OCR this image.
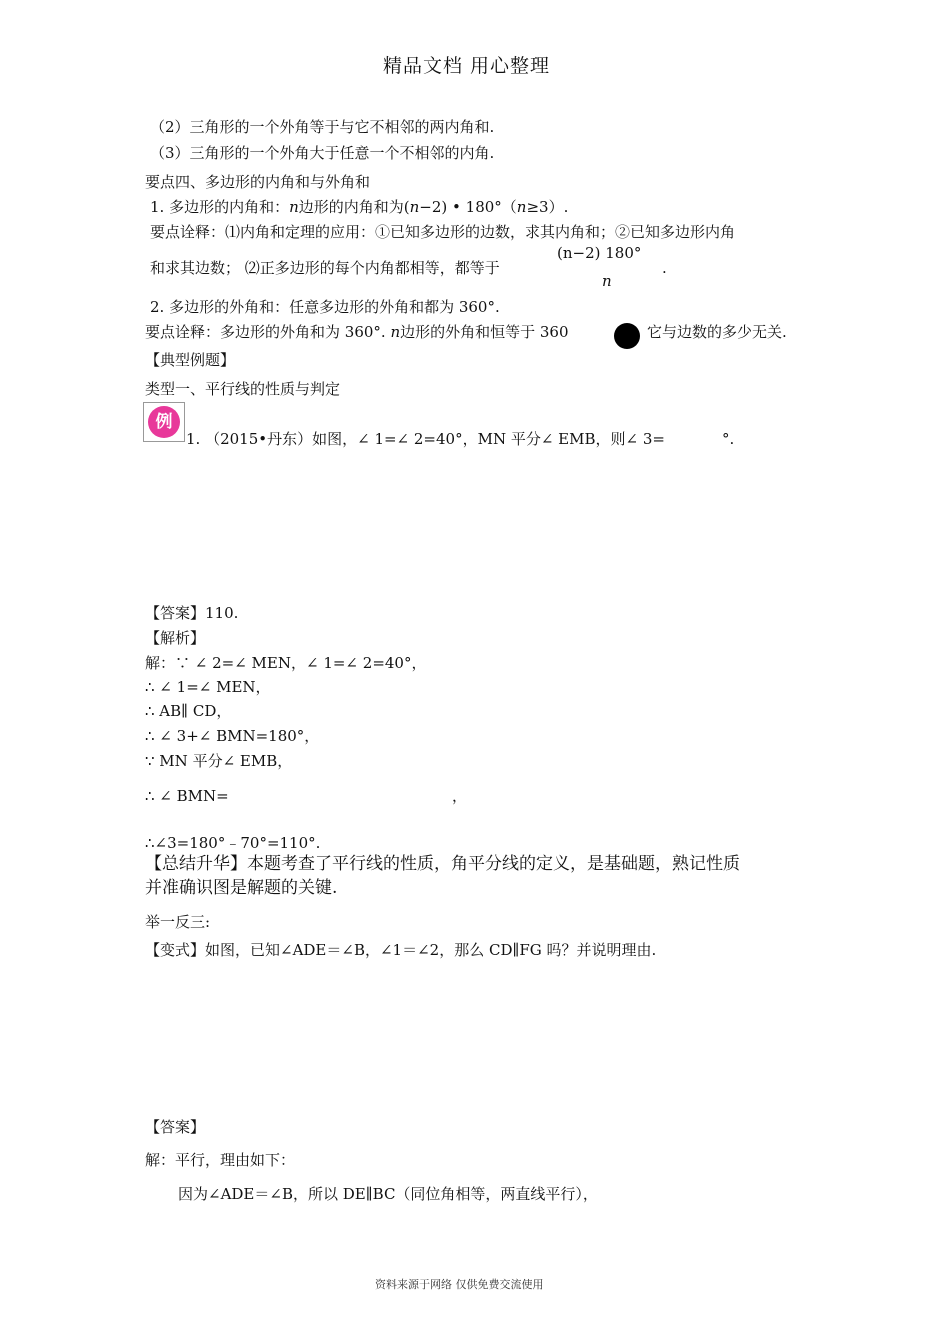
精品文档 用心整理
（2）三角形的一个外角等于与它不相邻的两内角和.
（3）三角形的一个外角大于任意一个不相邻的内角.
要点四、多边形的内角和与外角和
1. 多边形的内角和：n边形的内角和为(n−2) • 180°（n≥3）.
要点诠释：⑴内角和定理的应用：①已知多边形的边数，求其内角和；②已知多边形内角
和求其边数； ⑵正多边形的每个内角都相等，都等于
(n−2) 180°
n
.
2. 多边形的外角和：任意多边形的外角和都为 360°.
要点诠释：多边形的外角和为 360°. n边形的外角和恒等于 360	它与边数的多少无关.
【典型例题】
类型一、平行线的性质与判定
例
1. （2015•丹东）如图，∠ 1=∠ 2=40°，MN 平分∠ EMB，则∠ 3=	°.
【答案】110.
【解析】
解：∵ ∠ 2=∠ MEN，∠ 1=∠ 2=40°，
∴ ∠ 1=∠ MEN，
∴ AB∥ CD，
∴ ∠ 3+∠ BMN=180°，
∵ MN 平分∠ EMB，
∴ ∠ BMN=	，
∴∠3=180°﹣70°=110°.
【总结升华】本题考查了平行线的性质，角平分线的定义，是基础题，熟记性质
并准确识图是解题的关键.
举一反三:
【变式】如图，已知∠ADE＝∠B，∠1＝∠2，那么 CD∥FG 吗？并说明理由.
【答案】
解：平行，理由如下：
因为∠ADE＝∠B，所以 DE∥BC（同位角相等，两直线平行），
资料来源于网络 仅供免费交流使用
